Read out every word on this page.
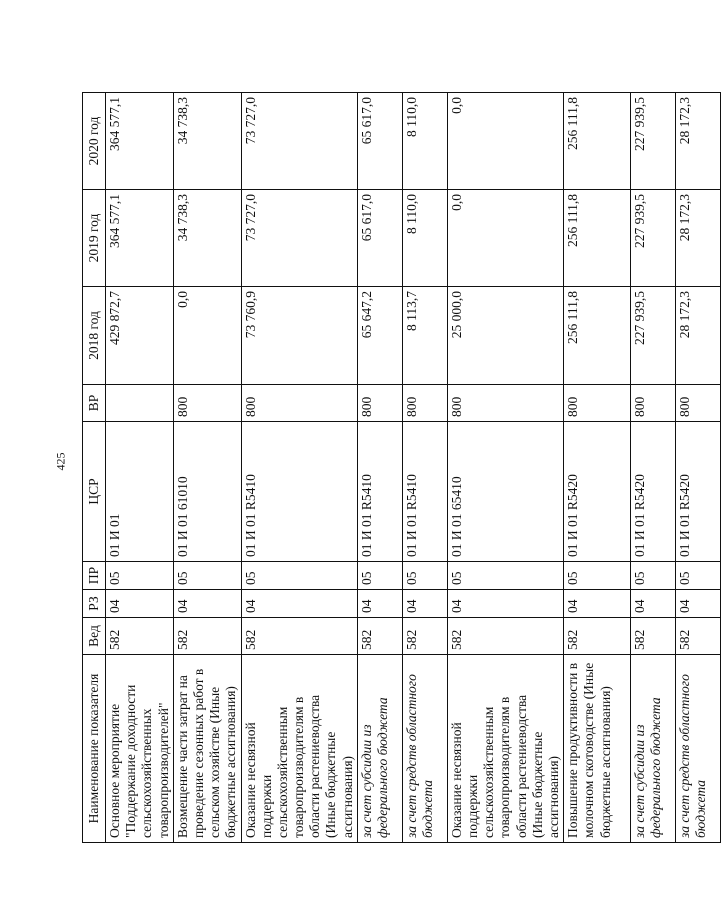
425
Наименование показателя	Вед	РЗ	ПР	ЦСР	ВР	2018 год	2019 год	2020 год
Основное мероприятие "Поддержание доходности сельскохозяйственных товаропроизводителей"	582	04	05	01 И 01		429 872,7	364 577,1	364 577,1
Возмещение части затрат на проведение сезонных работ в сельском хозяйстве (Иные бюджетные ассигнования)	582	04	05	01 И 01 61010	800	0,0	34 738,3	34 738,3
Оказание несвязной поддержки сельскохозяйственным товаропроизводителям в области растениеводства (Иные бюджетные ассигнования)	582	04	05	01 И 01 R5410	800	73 760,9	73 727,0	73 727,0
за счет субсидии из федерального бюджета	582	04	05	01 И 01 R5410	800	65 647,2	65 617,0	65 617,0
за счет средств областного бюджета	582	04	05	01 И 01 R5410	800	8 113,7	8 110,0	8 110,0
Оказание несвязной поддержки сельскохозяйственным товаропроизводителям в области растениеводства (Иные бюджетные ассигнования)	582	04	05	01 И 01 65410	800	25 000,0	0,0	0,0
Повышение продуктивности в молочном скотоводстве (Иные бюджетные ассигнования)	582	04	05	01 И 01 R5420	800	256 111,8	256 111,8	256 111,8
за счет субсидии из федерального бюджета	582	04	05	01 И 01 R5420	800	227 939,5	227 939,5	227 939,5
за счет средств областного бюджета	582	04	05	01 И 01 R5420	800	28 172,3	28 172,3	28 172,3
